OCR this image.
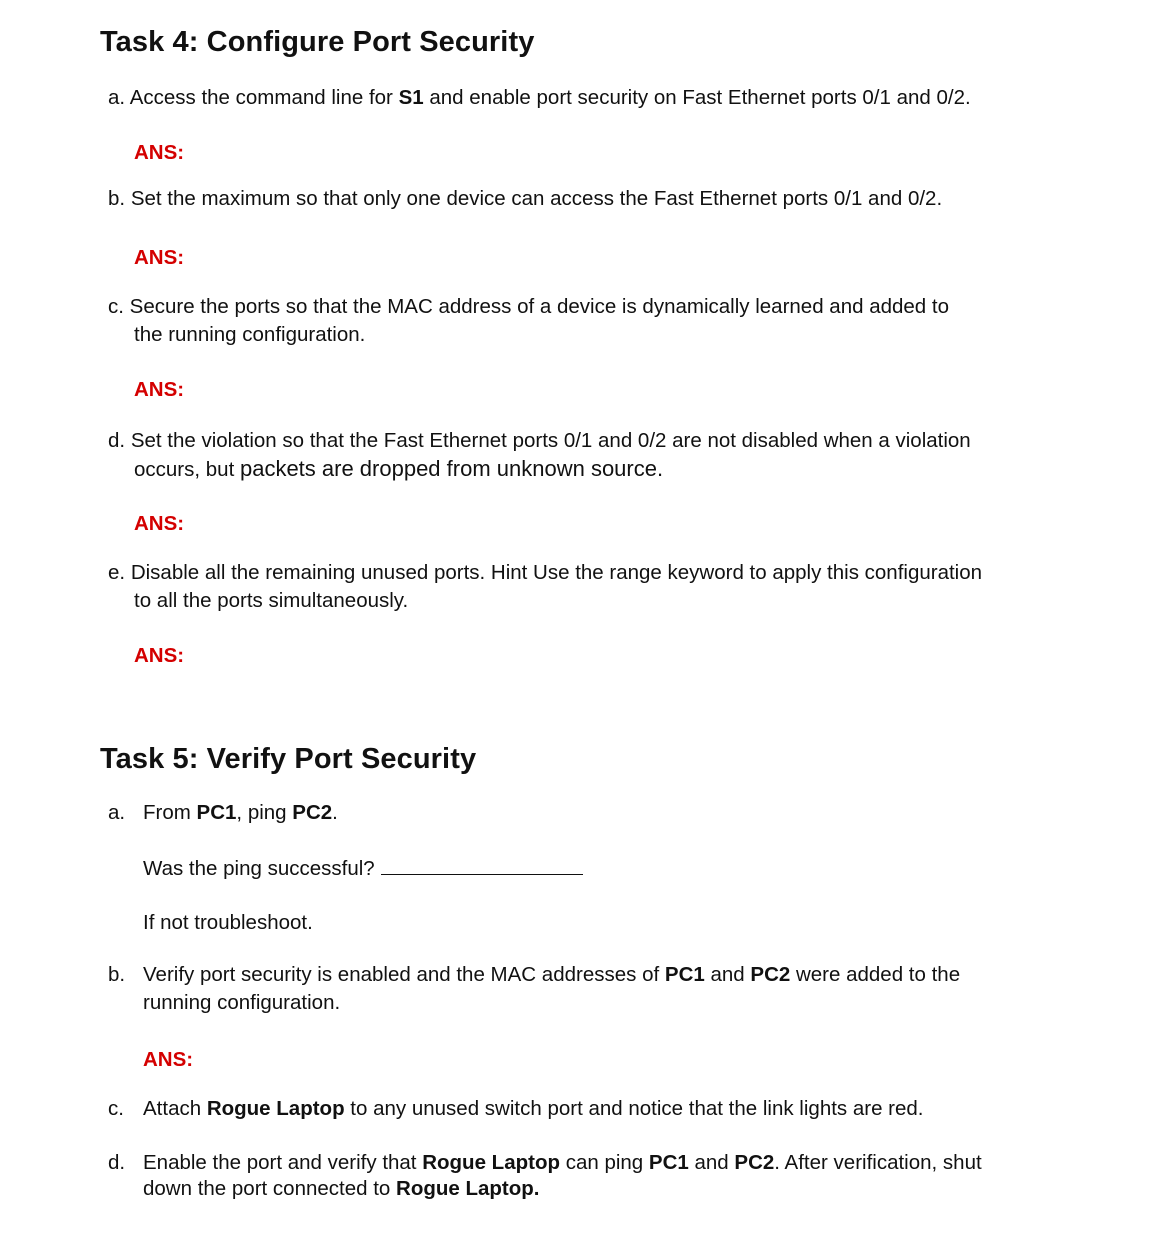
Task 4: Configure Port Security
a. Access the command line for S1 and enable port security on Fast Ethernet ports 0/1 and 0/2.
ANS:
b. Set the maximum so that only one device can access the Fast Ethernet ports 0/1 and 0/2.
ANS:
c. Secure the ports so that the MAC address of a device is dynamically learned and added to
the running configuration.
ANS:
d. Set the violation so that the Fast Ethernet ports 0/1 and 0/2 are not disabled when a violation
occurs, but packets are dropped from unknown source.
ANS:
e. Disable all the remaining unused ports. Hint Use the range keyword to apply this configuration
to all the ports simultaneously.
ANS:
Task 5: Verify Port Security
a. From PC1, ping PC2.
Was the ping successful?
If not troubleshoot.
b. Verify port security is enabled and the MAC addresses of PC1 and PC2 were added to the
running configuration.
ANS:
c. Attach Rogue Laptop to any unused switch port and notice that the link lights are red.
d. Enable the port and verify that Rogue Laptop can ping PC1 and PC2. After verification, shut
down the port connected to Rogue Laptop.
